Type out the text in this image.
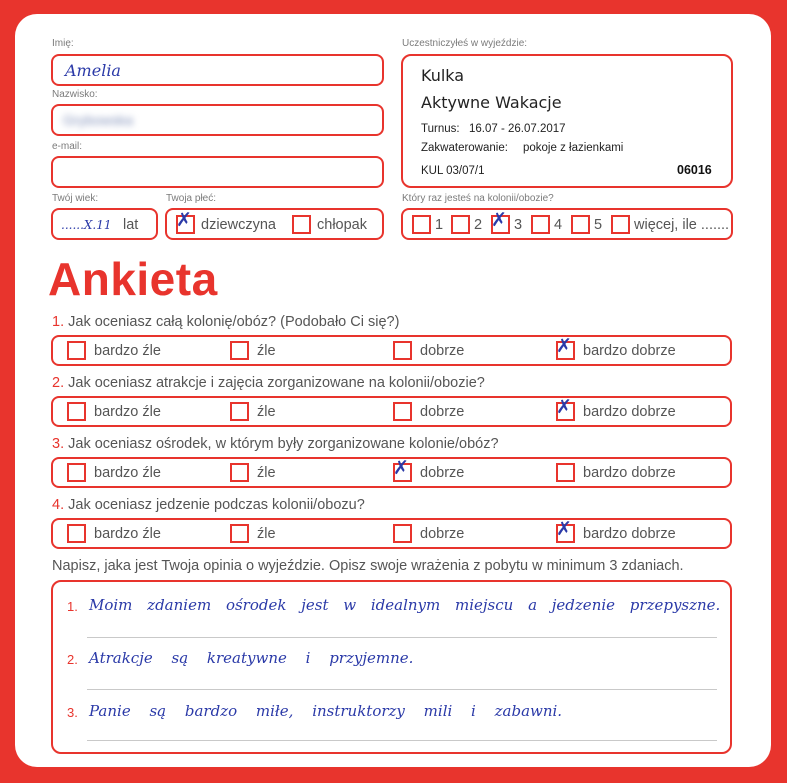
Imię:
Amelia
Nazwisko:
Grybowska
e-mail:
Twój wiek:
......X.11 lat
Twoja płeć:
✗ dziewczyna	chłopak
Uczestniczyłeś w wyjeździe:
Kulka
Aktywne Wakacje
Turnus: 16.07 - 26.07.2017
Zakwaterowanie: pokoje z łazienkami
KUL 03/07/1	06016
Który raz jesteś na kolonii/obozie?
1 2 ✗ 3 4 5 więcej, ile .......
Ankieta
1. Jak oceniasz całą kolonię/obóz? (Podobało Ci się?)
bardzo źle	źle	dobrze	✗ bardzo dobrze
2. Jak oceniasz atrakcje i zajęcia zorganizowane na kolonii/obozie?
bardzo źle	źle	dobrze	✗ bardzo dobrze
3. Jak oceniasz ośrodek, w którym były zorganizowane kolonie/obóz?
bardzo źle	źle	✗ dobrze	bardzo dobrze
4. Jak oceniasz jedzenie podczas kolonii/obozu?
bardzo źle	źle	dobrze	✗ bardzo dobrze
Napisz, jaka jest Twoja opinia o wyjeździe. Opisz swoje wrażenia z pobytu w minimum 3 zdaniach.
1. Moim zdaniem ośrodek jest w idealnym miejscu a jedzenie przepyszne.
2. Atrakcje są kreatywne i przyjemne.
3. Panie są bardzo miłe, instruktorzy mili i zabawni.
